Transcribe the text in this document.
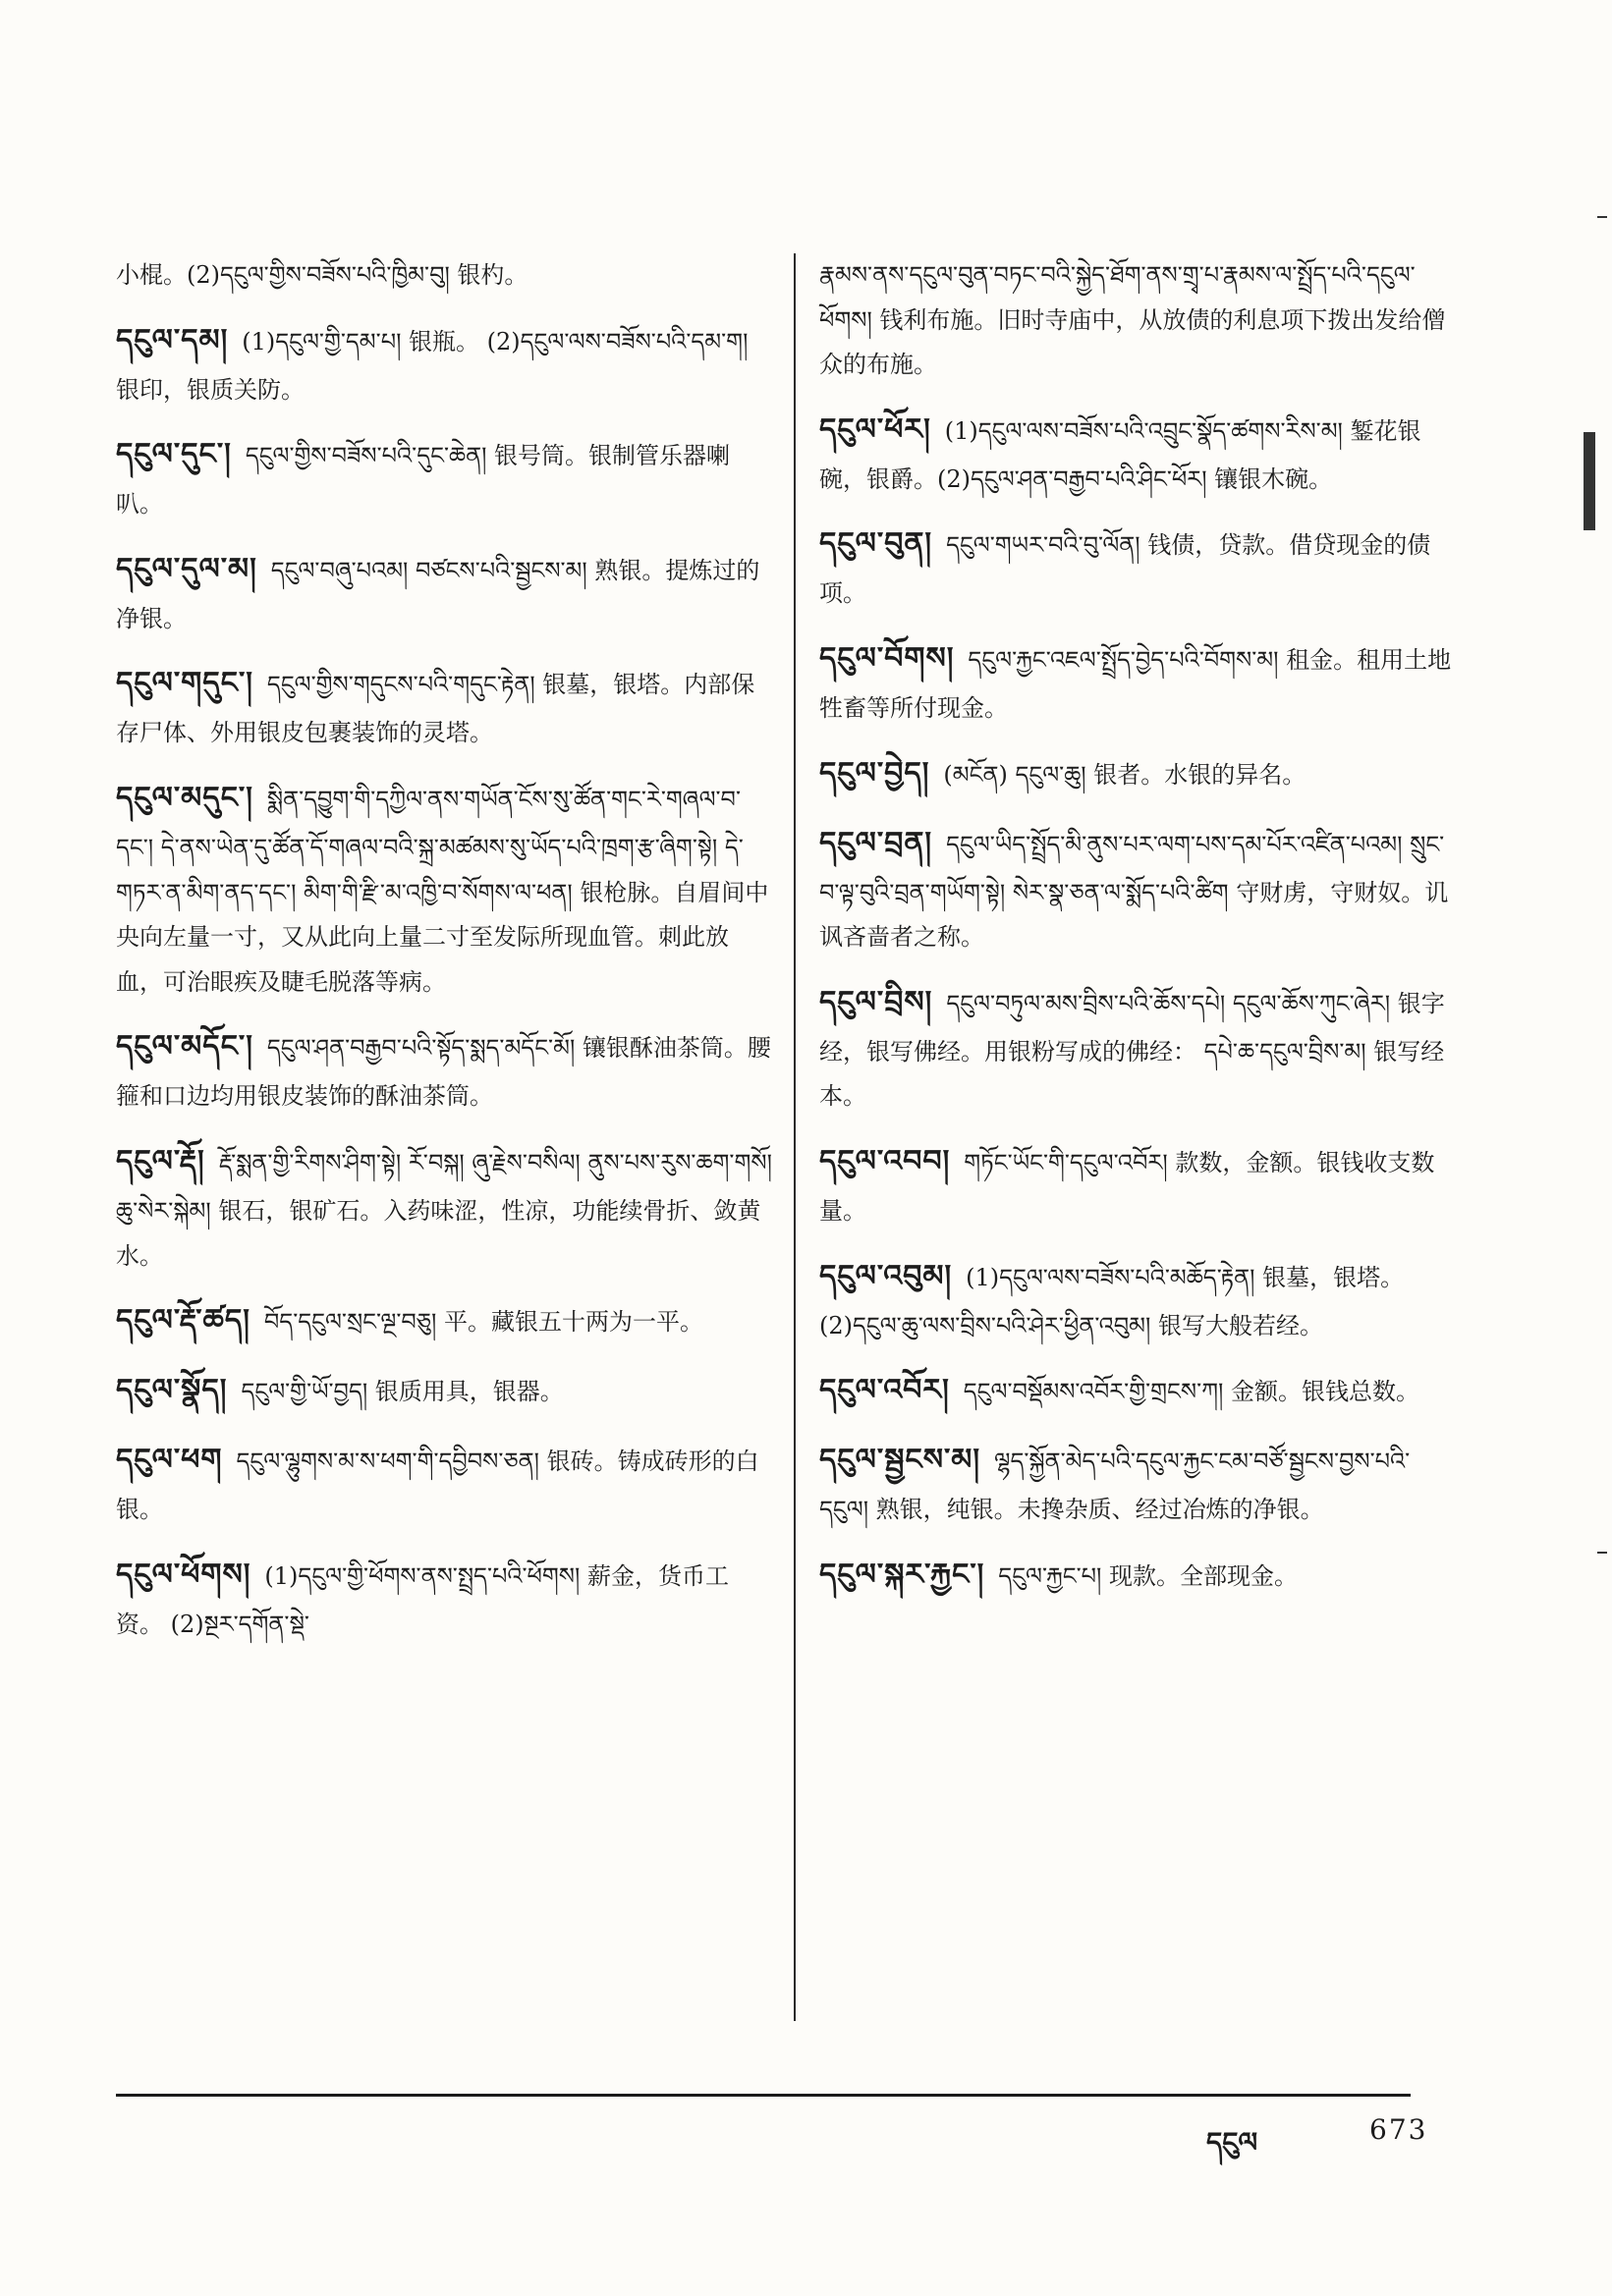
小棍。(2)དངུལ་གྱིས་བཟོས་པའི་ཁྱིམ་བུ། 银杓。
དངུལ་དམ། (1)དངུལ་གྱི་དམ་པ། 银瓶。 (2)དངུལ་ལས་བཟོས་པའི་དམ་ག། 银印，银质关防。
དངུལ་དུང་། དངུལ་གྱིས་བཟོས་པའི་དུང་ཆེན། 银号筒。银制管乐器喇叭。
དངུལ་དུལ་མ། དངུལ་བཞུ་པའམ། བཙངས་པའི་སྦྱངས་མ། 熟银。提炼过的净银。
དངུལ་གདུང་། དངུལ་གྱིས་གདུངས་པའི་གདུང་རྟེན། 银墓，银塔。内部保存尸体、外用银皮包裹装饰的灵塔。
དངུལ་མདུང་། སྨིན་དབྱུག་གི་དཀྱིལ་ནས་གཡོན་ངོས་སུ་ཚོན་གང་རེ་གཞལ་བ་དང་། དེ་ནས་ཡེན་དུ་ཚོན་དོ་གཞལ་བའི་སྐྲ་མཚམས་སུ་ཡོད་པའི་ཁྲག་རྩ་ཞིག་སྟེ། དེ་གཏར་ན་མིག་ནད་དང་། མིག་གི་རྫི་མ་འཁྱི་བ་སོགས་ལ་ཕན། 银枪脉。自眉间中央向左量一寸，又从此向上量二寸至发际所现血管。刺此放血，可治眼疾及睫毛脱落等病。
དངུལ་མདོང་། དངུལ་ཤན་བརྒྱབ་པའི་སྟོད་སྨད་མདོང་མོ། 镶银酥油茶筒。腰箍和口边均用银皮装饰的酥油茶筒。
དངུལ་རྡོ། རྡོ་སྨན་གྱི་རིགས་ཤིག་སྟེ། རོ་བསྐ། ཞུ་རྗེས་བསིལ། ནུས་པས་རུས་ཆག་གསོ། ཆུ་སེར་སྐེམ། 银石，银矿石。入药味涩，性凉，功能续骨折、敛黄水。
དངུལ་རྡོ་ཚད། བོད་དངུལ་སྲང་ལྔ་བཅུ། 平。藏银五十两为一平。
དངུལ་སྣོད། དངུལ་གྱི་ཡོ་བྱད། 银质用具，银器。
དངུལ་ཕག དངུལ་ལྷུགས་མ་ས་ཕག་གི་དབྱིབས་ཅན། 银砖。铸成砖形的白银。
དངུལ་ཕོགས། (1)དངུལ་གྱི་ཕོགས་ནས་སྤྲད་པའི་ཕོགས། 薪金，货币工资。 (2)སྔར་དགོན་སྡེ་
རྣམས་ནས་དངུལ་བུན་བཏང་བའི་སྐྱེད་ཐོག་ནས་གྲྭ་པ་རྣམས་ལ་སྤྲོད་པའི་དངུལ་ཕོགས། 钱利布施。旧时寺庙中，从放债的利息项下拨出发给僧众的布施。
དངུལ་ཕོར། (1)དངུལ་ལས་བཟོས་པའི་འབྲུང་སྣོད་ཚགས་རིས་མ། 錾花银碗，银爵。(2)དངུལ་ཤན་བརྒྱབ་པའི་ཤིང་ཕོར། 镶银木碗。
དངུལ་བུན། དངུལ་གཡར་བའི་བུ་ལོན། 钱债，贷款。借贷现金的债项。
དངུལ་བོགས། དངུལ་རྐྱང་འཇལ་སྤྲོད་བྱེད་པའི་བོགས་མ། 租金。租用土地牲畜等所付现金。
དངུལ་བྱེད། (མངོན) དངུལ་ཆུ། 银者。水银的异名。
དངུལ་བྲན། དངུལ་ཡིད་སྤྲོད་མི་ནུས་པར་ལག་པས་དམ་པོར་འཛིན་པའམ། སྲུང་བ་ལྟ་བུའི་བྲན་གཡོག་སྟེ། སེར་སྣ་ཅན་ལ་སྨོད་པའི་ཚིག 守财虏，守财奴。讥讽吝啬者之称。
དངུལ་བྲིས། དངུལ་བཏུལ་མས་བྲིས་པའི་ཆོས་དཔེ། དངུལ་ཆོས་ཀུང་ཞེར། 银字经，银写佛经。用银粉写成的佛经： དཔེ་ཆ་དངུལ་བྲིས་མ། 银写经本。
དངུལ་འབབ། གཏོང་ཡོང་གི་དངུལ་འབོར། 款数，金额。银钱收支数量。
དངུལ་འབུམ། (1)དངུལ་ལས་བཟོས་པའི་མཆོད་རྟེན། 银墓，银塔。 (2)དངུལ་ཆུ་ལས་བྲིས་པའི་ཤེར་ཕྱིན་འབུམ། 银写大般若经。
དངུལ་འབོར། དངུལ་བསྡོམས་འབོར་གྱི་གྲངས་ཀ། 金额。银钱总数。
དངུལ་སྦྱངས་མ། ལྷད་སྐྱོན་མེད་པའི་དངུལ་རྐྱང་ངམ་བཙོ་སྦྱངས་བྱས་པའི་དངུལ། 熟银，纯银。未搀杂质、经过冶炼的净银。
དངུལ་སྐར་རྐྱང་། དངུལ་རྐྱང་པ། 现款。全部现金。
དངུལ	673
